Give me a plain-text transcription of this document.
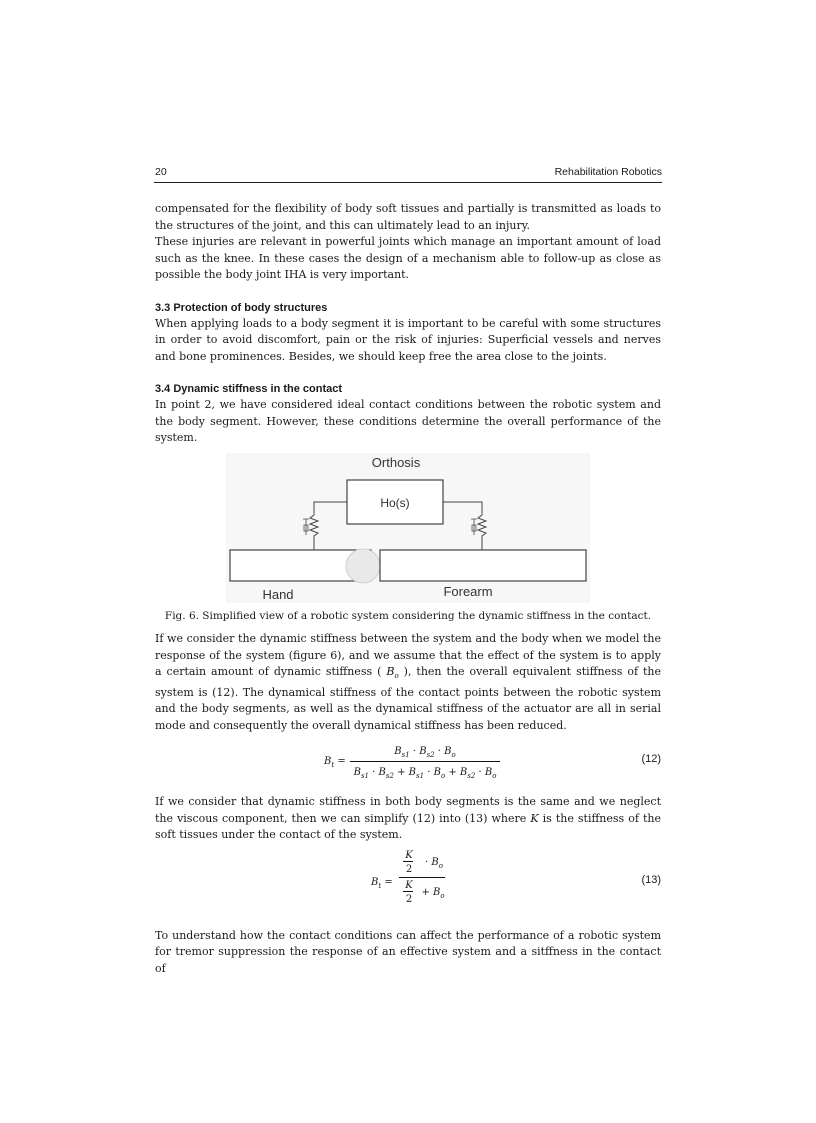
20	Rehabilitation Robotics

compensated for the flexibility of body soft tissues and partially is transmitted as loads to the structures of the joint, and this can ultimately lead to an injury.

These injuries are relevant in powerful joints which manage an important amount of load such as the knee. In these cases the design of a mechanism able to follow-up as close as possible the body joint IHA is very important.

3.3 Protection of body structures

When applying loads to a body segment it is important to be careful with some structures in order to avoid discomfort, pain or the risk of injuries: Superficial vessels and nerves and bone prominences. Besides, we should keep free the area close to the joints.

3.4 Dynamic stiffness in the contact

In point 2, we have considered ideal contact conditions between the robotic system and the body segment. However, these conditions determine the overall performance of the system.

Orthosis
Ho(s)
Hand	Forearm

Fig. 6. Simplified view of a robotic system considering the dynamic stiffness in the contact.

If we consider the dynamic stiffness between the system and the body when we model the response of the system (figure 6), and we assume that the effect of the system is to apply a certain amount of dynamic stiffness ( $B_o$ ), then the overall equivalent stiffness of the system is (12). The dynamical stiffness of the contact points between the robotic system and the body segments, as well as the dynamical stiffness of the actuator are all in serial mode and consequently the overall dynamical stiffness has been reduced.

$B_t$ =
$B_{s1} \cdot B_{s2} \cdot B_o$
$B_{s1} \cdot B_{s2} + B_{s1} \cdot B_o + B_{s2} \cdot B_o$
(12)

If we consider that dynamic stiffness in both body segments is the same and we neglect the viscous component, then we can simplify (12) into (13) where K is the stiffness of the soft tissues under the contact of the system.

$B_t$ =
K
2
· $B_o$
K
2
+ $B_o$
(13)

To understand how the contact conditions can affect the performance of a robotic system for tremor suppression the response of an effective system and a sitffness in the contact of
